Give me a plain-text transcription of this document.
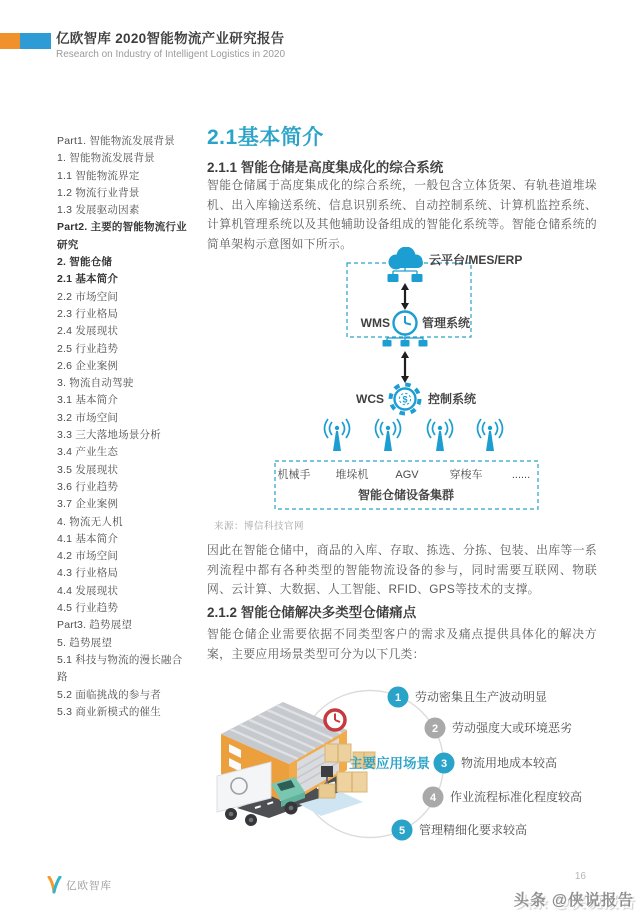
亿欧智库 2020智能物流产业研究报告
Research on Industry of Intelligent Logistics in 2020
Part1. 智能物流发展背景
1. 智能物流发展背景
1.1 智能物流界定
1.2 物流行业背景
1.3 发展驱动因素
Part2. 主要的智能物流行业研究
2. 智能仓储
2.1 基本简介
2.2 市场空间
2.3 行业格局
2.4 发展现状
2.5 行业趋势
2.6 企业案例
3. 物流自动驾驶
3.1 基本简介
3.2 市场空间
3.3 三大落地场景分析
3.4 产业生态
3.5 发展现状
3.6 行业趋势
3.7 企业案例
4. 物流无人机
4.1 基本简介
4.2 市场空间
4.3 行业格局
4.4 发展现状
4.5 行业趋势
Part3. 趋势展望
5. 趋势展望
5.1 科技与物流的漫长融合路
5.2 面临挑战的参与者
5.3 商业新模式的催生
2.1基本简介
2.1.1 智能仓储是高度集成化的综合系统
智能仓储属于高度集成化的综合系统，一般包含立体货架、有轨巷道堆垛机、出入库输送系统、信息识别系统、自动控制系统、计算机监控系统、计算机管理系统以及其他辅助设备组成的智能化系统等。智能仓储系统的简单架构示意图如下所示。
云平台/MES/ERP
WMS	管理系统
WCS $ 控制系统
机械手 堆垛机 AGV	穿梭车	......
智能仓储设备集群
来源：博信科技官网
因此在智能仓储中，商品的入库、存取、拣选、分拣、包装、出库等一系列流程中都有各种类型的智能物流设备的参与，同时需要互联网、物联网、云计算、大数据、人工智能、RFID、GPS等技术的支撑。
2.1.2 智能仓储解决多类型仓储痛点
智能仓储企业需要依据不同类型客户的需求及痛点提供具体化的解决方案，主要应用场景类型可分为以下几类：
主要应用场景
1 劳动密集且生产波动明显
2 劳动强度大或环境恶劣
3 物流用地成本较高
4 作业流程标准化程度较高
5 管理精细化要求较高
亿欧智库
16
头条 @侠说报告
